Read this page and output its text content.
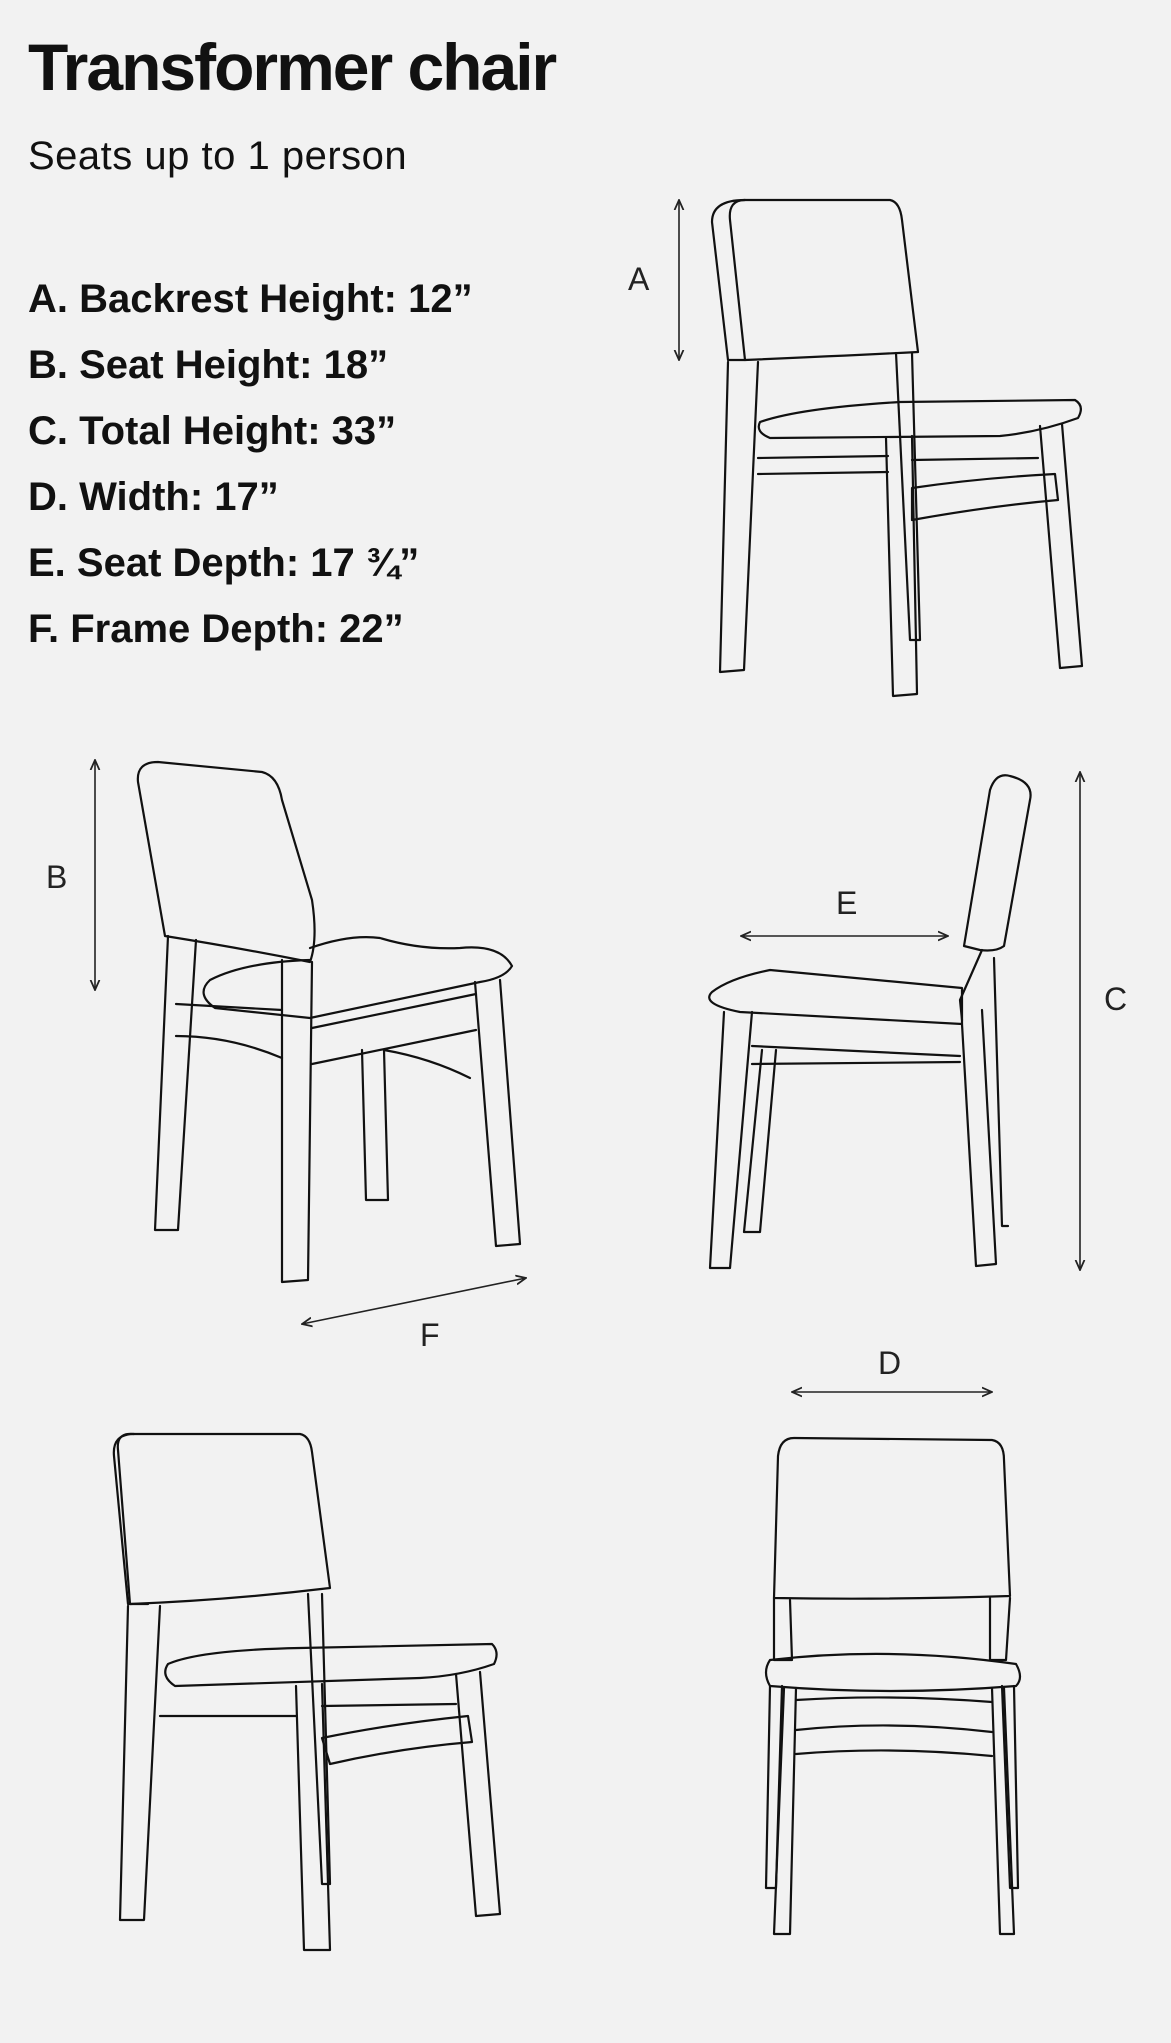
Transformer chair

Seats up to 1 person

A. Backrest Height: 12”
B. Seat Height: 18”
C. Total Height: 33”
D. Width: 17”
E. Seat Depth: 17 ¾”
F. Frame Depth: 22”
A
B
F
E
C
D
